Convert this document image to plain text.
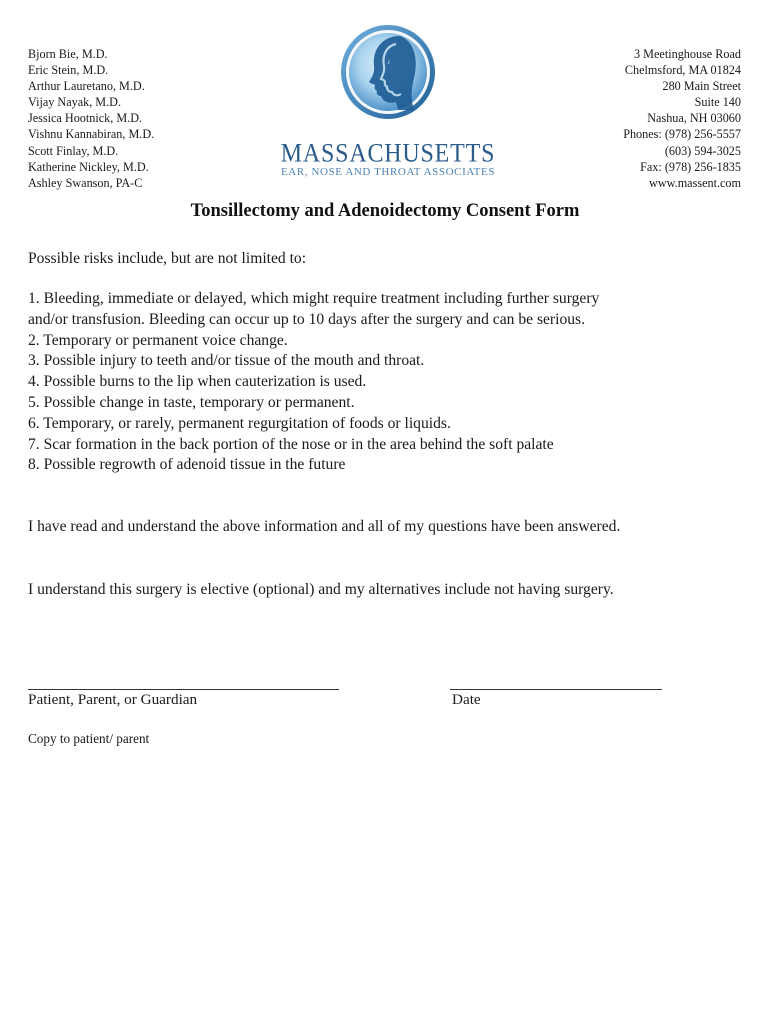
Bjorn Bie, M.D.
Eric Stein, M.D.
Arthur Lauretano, M.D.
Vijay Nayak, M.D.
Jessica Hootnick, M.D.
Vishnu Kannabiran, M.D.
Scott Finlay, M.D.
Katherine Nickley, M.D.
Ashley Swanson, PA-C
♪
MASSACHUSETTS
EAR, NOSE AND THROAT ASSOCIATES
3 Meetinghouse Road
Chelmsford, MA 01824
280 Main Street
Suite 140
Nashua, NH 03060
Phones: (978) 256-5557
(603) 594-3025
Fax: (978) 256-1835
www.massent.com
Tonsillectomy and Adenoidectomy Consent Form
Possible risks include, but are not limited to:
1. Bleeding, immediate or delayed, which might require treatment including further surgery
and/or transfusion. Bleeding can occur up to 10 days after the surgery and can be serious.
2. Temporary or permanent voice change.
3. Possible injury to teeth and/or tissue of the mouth and throat.
4. Possible burns to the lip when cauterization is used.
5. Possible change in taste, temporary or permanent.
6. Temporary, or rarely, permanent regurgitation of foods or liquids.
7. Scar formation in the back portion of the nose or in the area behind the soft palate
8. Possible regrowth of adenoid tissue in the future
I have read and understand the above information and all of my questions have been answered.
I understand this surgery is elective (optional) and my alternatives include not having surgery.
Patient, Parent, or Guardian	Date
Copy to patient/ parent
